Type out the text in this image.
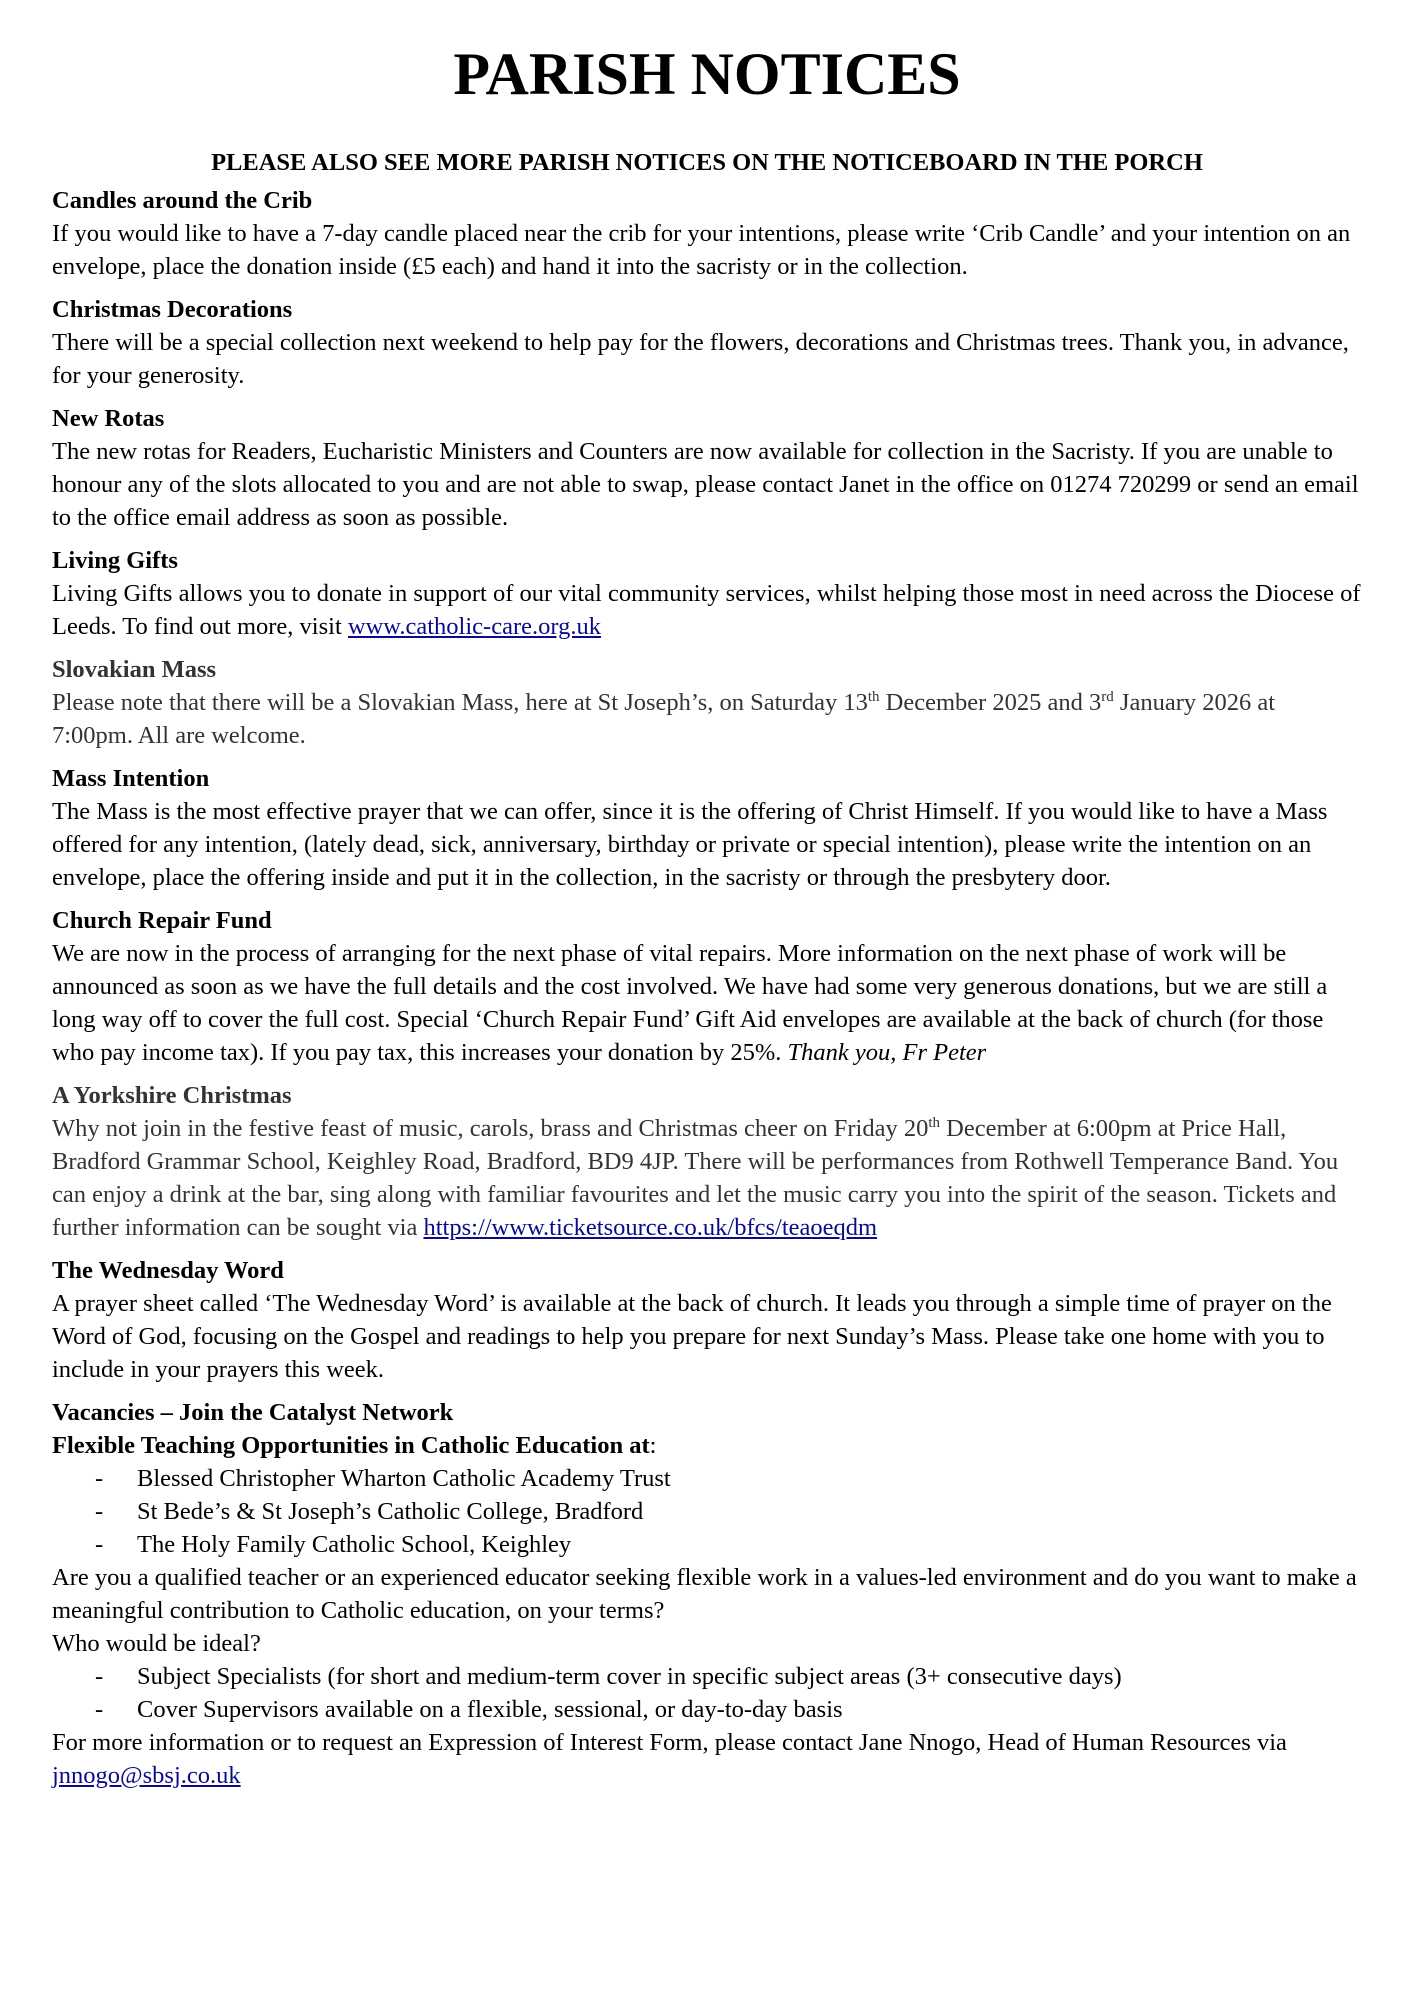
PARISH NOTICES
PLEASE ALSO SEE MORE PARISH NOTICES ON THE NOTICEBOARD IN THE PORCH

Candles around the Crib

If you would like to have a 7-day candle placed near the crib for your intentions, please write ‘Crib Candle’ and your intention on an envelope, place the donation inside (£5 each) and hand it into the sacristy or in the collection.

Christmas Decorations

There will be a special collection next weekend to help pay for the flowers, decorations and Christmas trees. Thank you, in advance, for your generosity.

New Rotas

The new rotas for Readers, Eucharistic Ministers and Counters are now available for collection in the Sacristy. If you are unable to honour any of the slots allocated to you and are not able to swap, please contact Janet in the office on 01274 720299 or send an email to the office email address as soon as possible.

Living Gifts

Living Gifts allows you to donate in support of our vital community services, whilst helping those most in need across the Diocese of Leeds. To find out more, visit www.catholic-care.org.uk

Slovakian Mass

Please note that there will be a Slovakian Mass, here at St Joseph’s, on Saturday 13th December 2025 and 3rd January 2026 at 7:00pm. All are welcome.

Mass Intention

The Mass is the most effective prayer that we can offer, since it is the offering of Christ Himself. If you would like to have a Mass offered for any intention, (lately dead, sick, anniversary, birthday or private or special intention), please write the intention on an envelope, place the offering inside and put it in the collection, in the sacristy or through the presbytery door.

Church Repair Fund

We are now in the process of arranging for the next phase of vital repairs. More information on the next phase of work will be announced as soon as we have the full details and the cost involved. We have had some very generous donations, but we are still a long way off to cover the full cost. Special ‘Church Repair Fund’ Gift Aid envelopes are available at the back of church (for those who pay income tax). If you pay tax, this increases your donation by 25%. Thank you, Fr Peter

A Yorkshire Christmas

Why not join in the festive feast of music, carols, brass and Christmas cheer on Friday 20th December at 6:00pm at Price Hall, Bradford Grammar School, Keighley Road, Bradford, BD9 4JP. There will be performances from Rothwell Temperance Band. You can enjoy a drink at the bar, sing along with familiar favourites and let the music carry you into the spirit of the season. Tickets and further information can be sought via https://www.ticketsource.co.uk/bfcs/teaoeqdm

The Wednesday Word

A prayer sheet called ‘The Wednesday Word’ is available at the back of church. It leads you through a simple time of prayer on the Word of God, focusing on the Gospel and readings to help you prepare for next Sunday’s Mass. Please take one home with you to include in your prayers this week.

Vacancies – Join the Catalyst Network

Flexible Teaching Opportunities in Catholic Education at:

- Blessed Christopher Wharton Catholic Academy Trust
- St Bede’s & St Joseph’s Catholic College, Bradford
- The Holy Family Catholic School, Keighley

Are you a qualified teacher or an experienced educator seeking flexible work in a values-led environment and do you want to make a meaningful contribution to Catholic education, on your terms?

Who would be ideal?

- Subject Specialists (for short and medium-term cover in specific subject areas (3+ consecutive days)
- Cover Supervisors available on a flexible, sessional, or day-to-day basis

For more information or to request an Expression of Interest Form, please contact Jane Nnogo, Head of Human Resources via jnnogo@sbsj.co.uk
